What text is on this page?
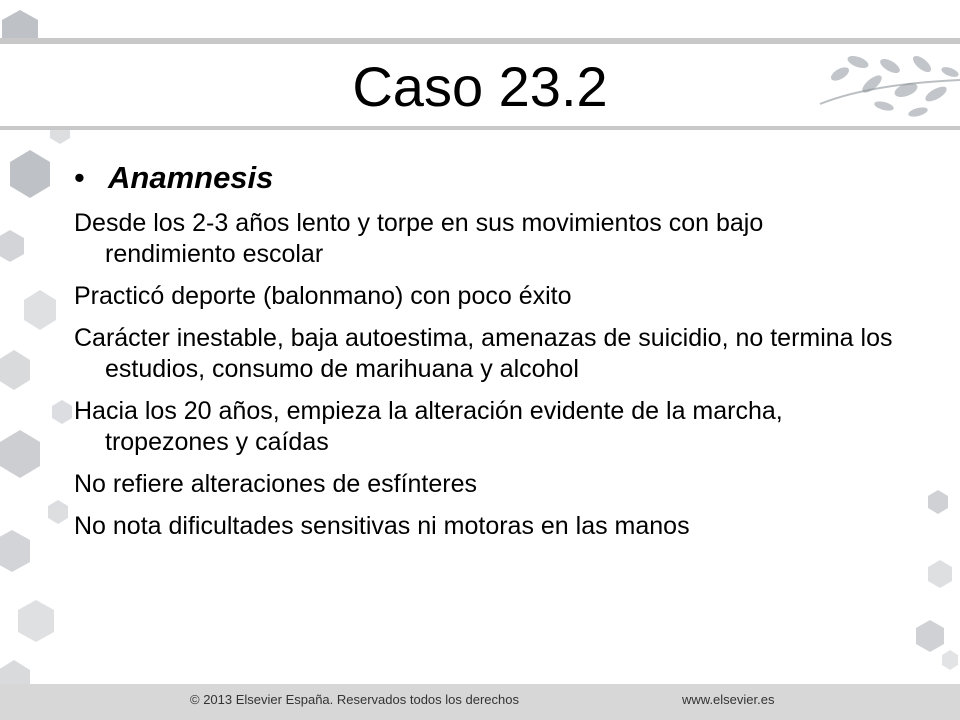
Caso 23.2
• Anamnesis

Desde los 2-3 años lento y torpe en sus movimientos con bajo rendimiento escolar

Practicó deporte (balonmano) con poco éxito

Carácter inestable, baja autoestima, amenazas de suicidio, no termina los estudios, consumo de marihuana y alcohol

Hacia los 20 años, empieza la alteración evidente de la marcha, tropezones y caídas

No refiere alteraciones de esfínteres

No nota dificultades sensitivas ni motoras en las manos

© 2013 Elsevier España. Reservados todos los derechos	www.elsevier.es
